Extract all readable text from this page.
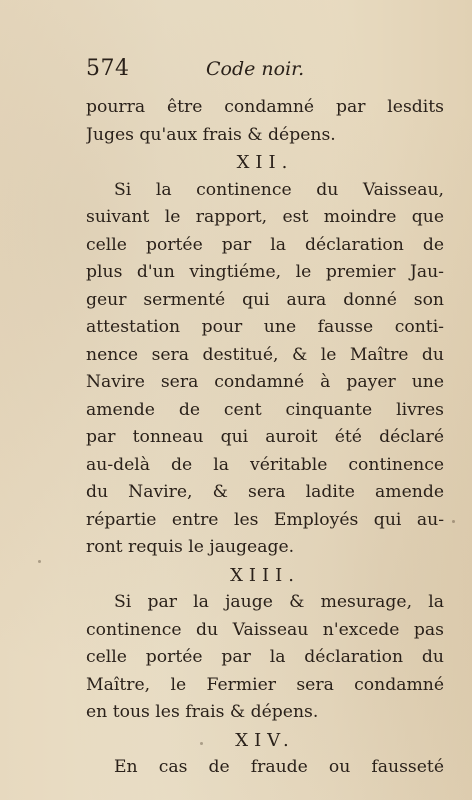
574	Code noir.
pourra être condamné par lesdits
Juges qu'aux frais & dépens.
XII.
Si la continence du Vaisseau,
suivant le rapport, est moindre que
celle portée par la déclaration de
plus d'un vingtiéme, le premier Jau-
geur sermenté qui aura donné son
attestation pour une fausse conti-
nence sera destitué, & le Maître du
Navire sera condamné à payer une
amende de cent cinquante livres
par tonneau qui auroit été déclaré
au-delà de la véritable continence
du Navire, & sera ladite amende
répartie entre les Employés qui au-
ront requis le jaugeage.
XIII.
Si par la jauge & mesurage, la
continence du Vaisseau n'excede pas
celle portée par la déclaration du
Maître, le Fermier sera condamné
en tous les frais & dépens.
XIV.
En cas de fraude ou fausseté
